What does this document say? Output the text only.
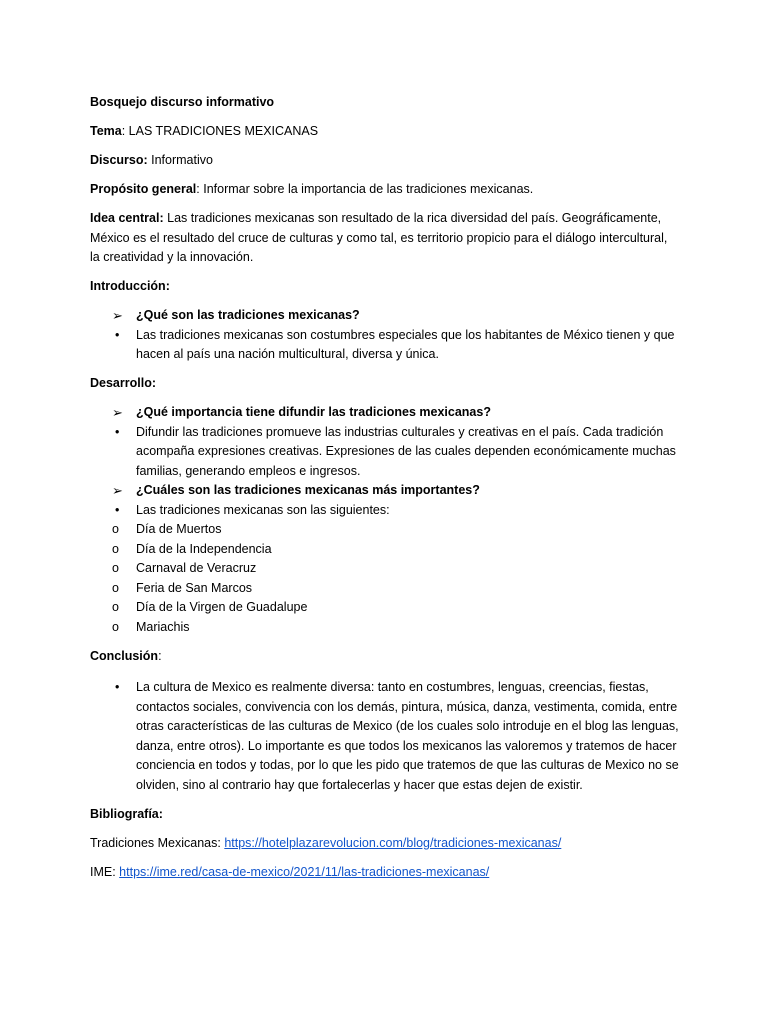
Bosquejo discurso informativo

Tema: LAS TRADICIONES MEXICANAS

Discurso: Informativo

Propósito general: Informar sobre la importancia de las tradiciones mexicanas.

Idea central: Las tradiciones mexicanas son resultado de la rica diversidad del país. Geográficamente, México es el resultado del cruce de culturas y como tal, es territorio propicio para el diálogo intercultural, la creatividad y la innovación.

Introducción:

➢ ¿Qué son las tradiciones mexicanas?
• Las tradiciones mexicanas son costumbres especiales que los habitantes de México tienen y que hacen al país una nación multicultural, diversa y única.

Desarrollo:

➢ ¿Qué importancia tiene difundir las tradiciones mexicanas?
• Difundir las tradiciones promueve las industrias culturales y creativas en el país. Cada tradición acompaña expresiones creativas. Expresiones de las cuales dependen económicamente muchas familias, generando empleos e ingresos.
➢ ¿Cuáles son las tradiciones mexicanas más importantes?
• Las tradiciones mexicanas son las siguientes:
o Día de Muertos
o Día de la Independencia
o Carnaval de Veracruz
o Feria de San Marcos
o Día de la Virgen de Guadalupe
o Mariachis

Conclusión:

• La cultura de Mexico es realmente diversa: tanto en costumbres, lenguas, creencias, fiestas, contactos sociales, convivencia con los demás, pintura, música, danza, vestimenta, comida, entre otras características de las culturas de Mexico (de los cuales solo introduje en el blog las lenguas, danza, entre otros). Lo importante es que todos los mexicanos las valoremos y tratemos de hacer conciencia en todos y todas, por lo que les pido que tratemos de que las culturas de Mexico no se olviden, sino al contrario hay que fortalecerlas y hacer que estas dejen de existir.

Bibliografía:

Tradiciones Mexicanas: https://hotelplazarevolucion.com/blog/tradiciones-mexicanas/

IME: https://ime.red/casa-de-mexico/2021/11/las-tradiciones-mexicanas/
